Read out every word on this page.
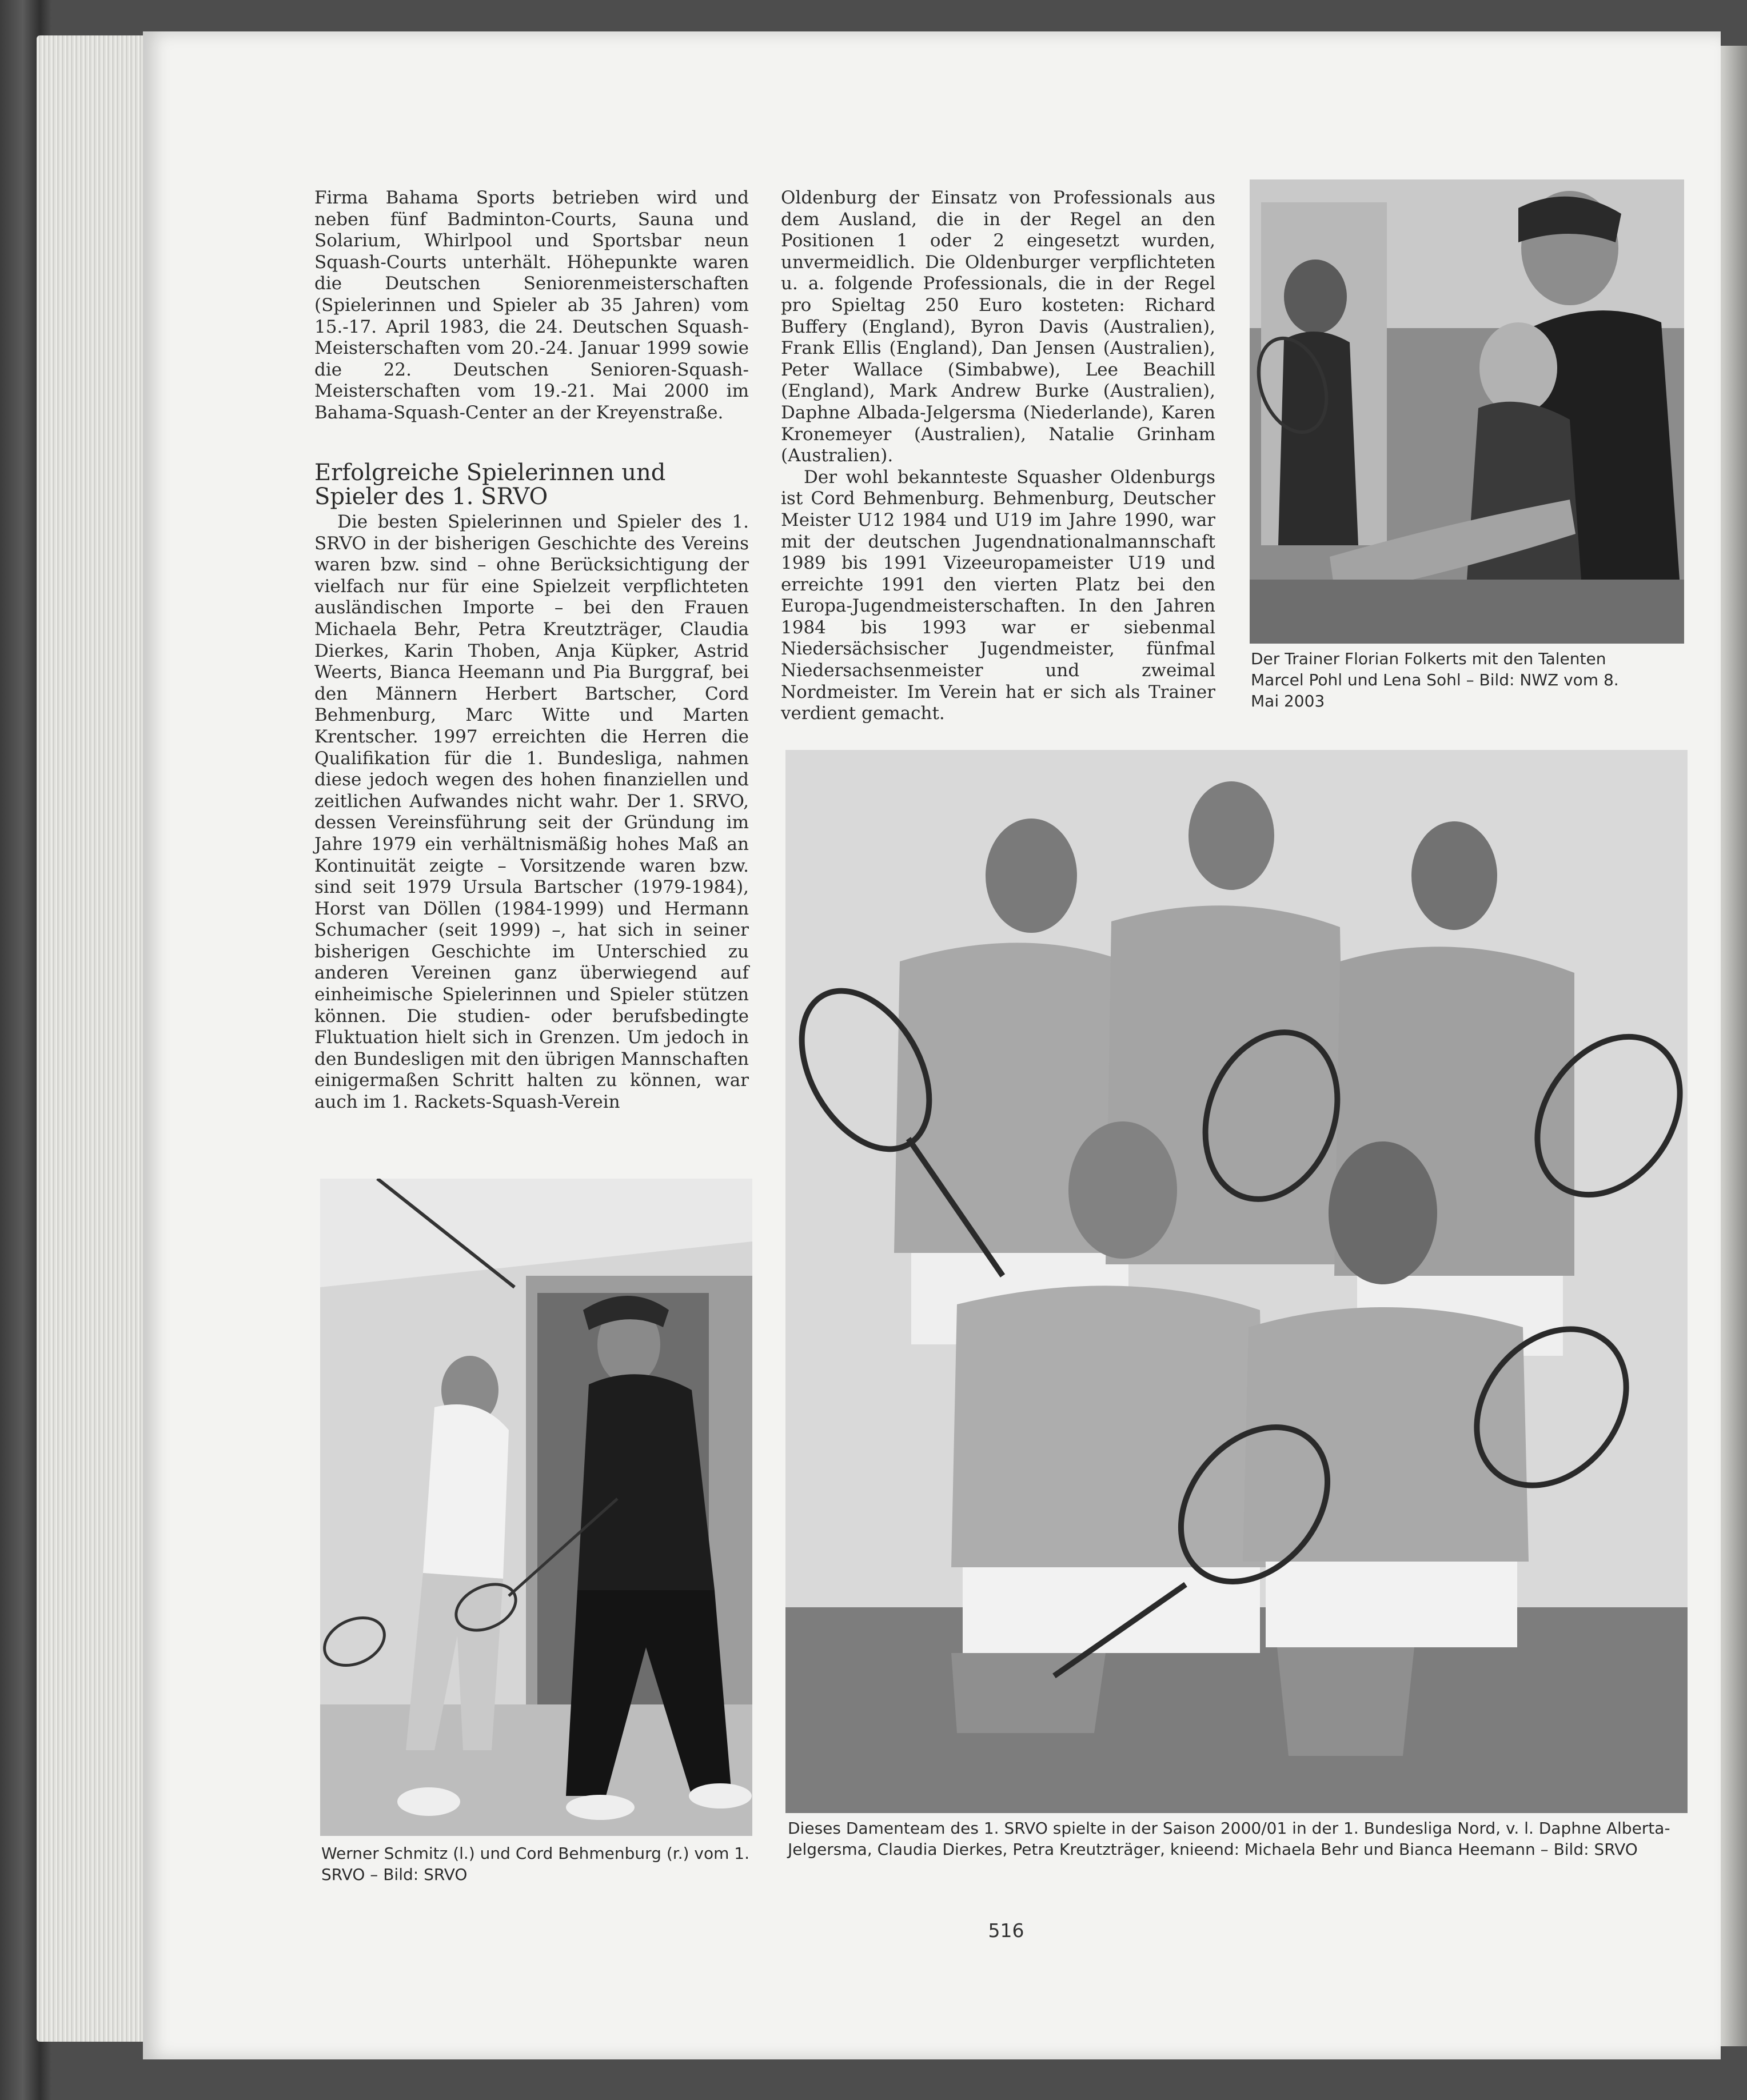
Firma Bahama Sports betrieben wird und neben fünf Badminton-Courts, Sauna und Solarium, Whirlpool und Sportsbar neun Squash-Courts unterhält. Höhepunkte waren die Deutschen Seniorenmeisterschaften (Spielerinnen und Spieler ab 35 Jahren) vom 15.-17. April 1983, die 24. Deutschen Squash-Meisterschaften vom 20.-24. Januar 1999 sowie die 22. Deutschen Senioren-Squash-Meisterschaften vom 19.-21. Mai 2000 im Bahama-Squash-Center an der Kreyenstraße.

Erfolgreiche Spielerinnen und Spieler des 1. SRVO

Die besten Spielerinnen und Spieler des 1. SRVO in der bisherigen Geschichte des Vereins waren bzw. sind – ohne Berücksichtigung der vielfach nur für eine Spielzeit verpflichteten ausländischen Importe – bei den Frauen Michaela Behr, Petra Kreutzträger, Claudia Dierkes, Karin Thoben, Anja Küpker, Astrid Weerts, Bianca Heemann und Pia Burggraf, bei den Männern Herbert Bartscher, Cord Behmenburg, Marc Witte und Marten Krentscher. 1997 erreichten die Herren die Qualifikation für die 1. Bundesliga, nahmen diese jedoch wegen des hohen finanziellen und zeitlichen Aufwandes nicht wahr. Der 1. SRVO, dessen Vereinsführung seit der Gründung im Jahre 1979 ein verhältnismäßig hohes Maß an Kontinuität zeigte – Vorsitzende waren bzw. sind seit 1979 Ursula Bartscher (1979-1984), Horst van Döllen (1984-1999) und Hermann Schumacher (seit 1999) –, hat sich in seiner bisherigen Geschichte im Unterschied zu anderen Vereinen ganz überwiegend auf einheimische Spielerinnen und Spieler stützen können. Die studien- oder berufsbedingte Fluktuation hielt sich in Grenzen. Um jedoch in den Bundesligen mit den übrigen Mannschaften einigermaßen Schritt halten zu können, war auch im 1. Rackets-Squash-Verein

Oldenburg der Einsatz von Professionals aus dem Ausland, die in der Regel an den Positionen 1 oder 2 eingesetzt wurden, unvermeidlich. Die Oldenburger verpflichteten u. a. folgende Professionals, die in der Regel pro Spieltag 250 Euro kosteten: Richard Buffery (England), Byron Davis (Australien), Frank Ellis (England), Dan Jensen (Australien), Peter Wallace (Simbabwe), Lee Beachill (England), Mark Andrew Burke (Australien), Daphne Albada-Jelgersma (Niederlande), Karen Kronemeyer (Australien), Natalie Grinham (Australien).

Der wohl bekannteste Squasher Oldenburgs ist Cord Behmenburg. Behmenburg, Deutscher Meister U12 1984 und U19 im Jahre 1990, war mit der deutschen Jugendnationalmannschaft 1989 bis 1991 Vizeeuropameister U19 und erreichte 1991 den vierten Platz bei den Europa-Jugendmeisterschaften. In den Jahren 1984 bis 1993 war er siebenmal Niedersächsischer Jugendmeister, fünfmal Niedersachsenmeister und zweimal Nordmeister. Im Verein hat er sich als Trainer verdient gemacht.

Der Trainer Florian Folkerts mit den Talenten Marcel Pohl und Lena Sohl – Bild: NWZ vom 8. Mai 2003
Werner Schmitz (l.) und Cord Behmenburg (r.) vom 1. SRVO – Bild: SRVO
Dieses Damenteam des 1. SRVO spielte in der Saison 2000/01 in der 1. Bundesliga Nord, v. l. Daphne Alberta-Jelgersma, Claudia Dierkes, Petra Kreutzträger, knieend: Michaela Behr und Bianca Heemann – Bild: SRVO
516
